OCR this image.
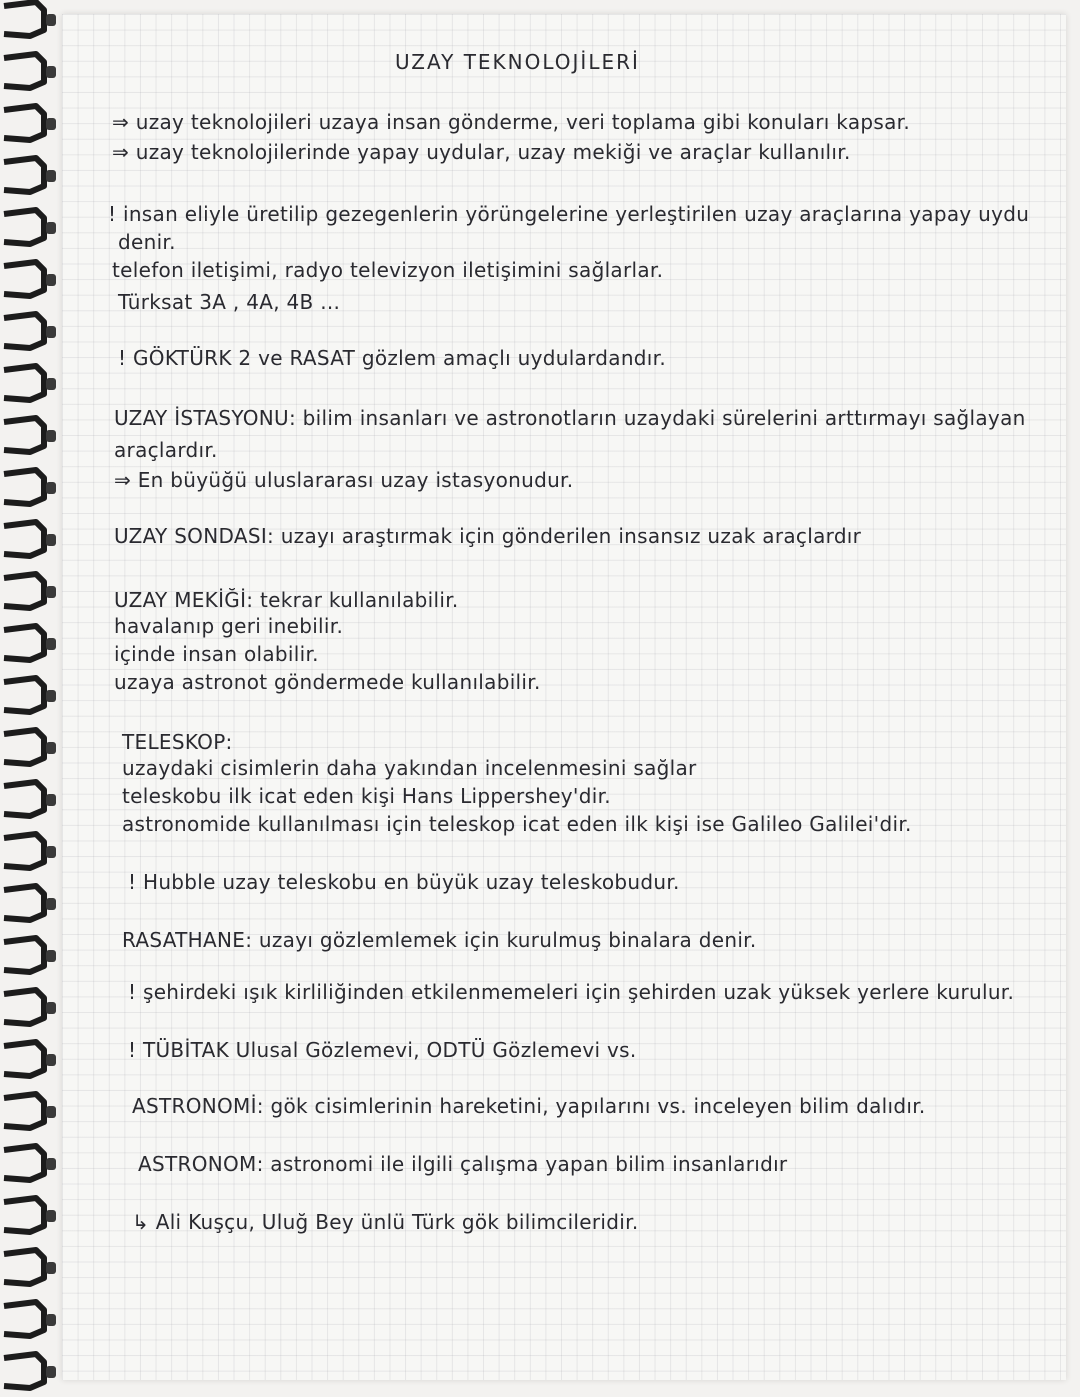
UZAY TEKNOLOJİLERİ
⇒ uzay teknolojileri uzaya insan gönderme, veri toplama gibi konuları kapsar.
⇒ uzay teknolojilerinde yapay uydular, uzay mekiği ve araçlar kullanılır.
! insan eliyle üretilip gezegenlerin yörüngelerine yerleştirilen uzay araçlarına yapay uydu
denir.
telefon iletişimi, radyo televizyon iletişimini sağlarlar.
Türksat 3A , 4A, 4B ...
! GÖKTÜRK 2 ve RASAT gözlem amaçlı uydulardandır.
UZAY İSTASYONU: bilim insanları ve astronotların uzaydaki sürelerini arttırmayı sağlayan
araçlardır.
⇒ En büyüğü uluslararası uzay istasyonudur.
UZAY SONDASI: uzayı araştırmak için gönderilen insansız uzak araçlardır
UZAY MEKİĞİ: tekrar kullanılabilir.
havalanıp geri inebilir.
içinde insan olabilir.
uzaya astronot göndermede kullanılabilir.
TELESKOP:
uzaydaki cisimlerin daha yakından incelenmesini sağlar
teleskobu ilk icat eden kişi Hans Lippershey'dir.
astronomide kullanılması için teleskop icat eden ilk kişi ise Galileo Galilei'dir.
! Hubble uzay teleskobu en büyük uzay teleskobudur.
RASATHANE: uzayı gözlemlemek için kurulmuş binalara denir.
! şehirdeki ışık kirliliğinden etkilenmemeleri için şehirden uzak yüksek yerlere kurulur.
! TÜBİTAK Ulusal Gözlemevi, ODTÜ Gözlemevi vs.
ASTRONOMİ: gök cisimlerinin hareketini, yapılarını vs. inceleyen bilim dalıdır.
ASTRONOM: astronomi ile ilgili çalışma yapan bilim insanlarıdır
↳ Ali Kuşçu, Uluğ Bey ünlü Türk gök bilimcileridir.
